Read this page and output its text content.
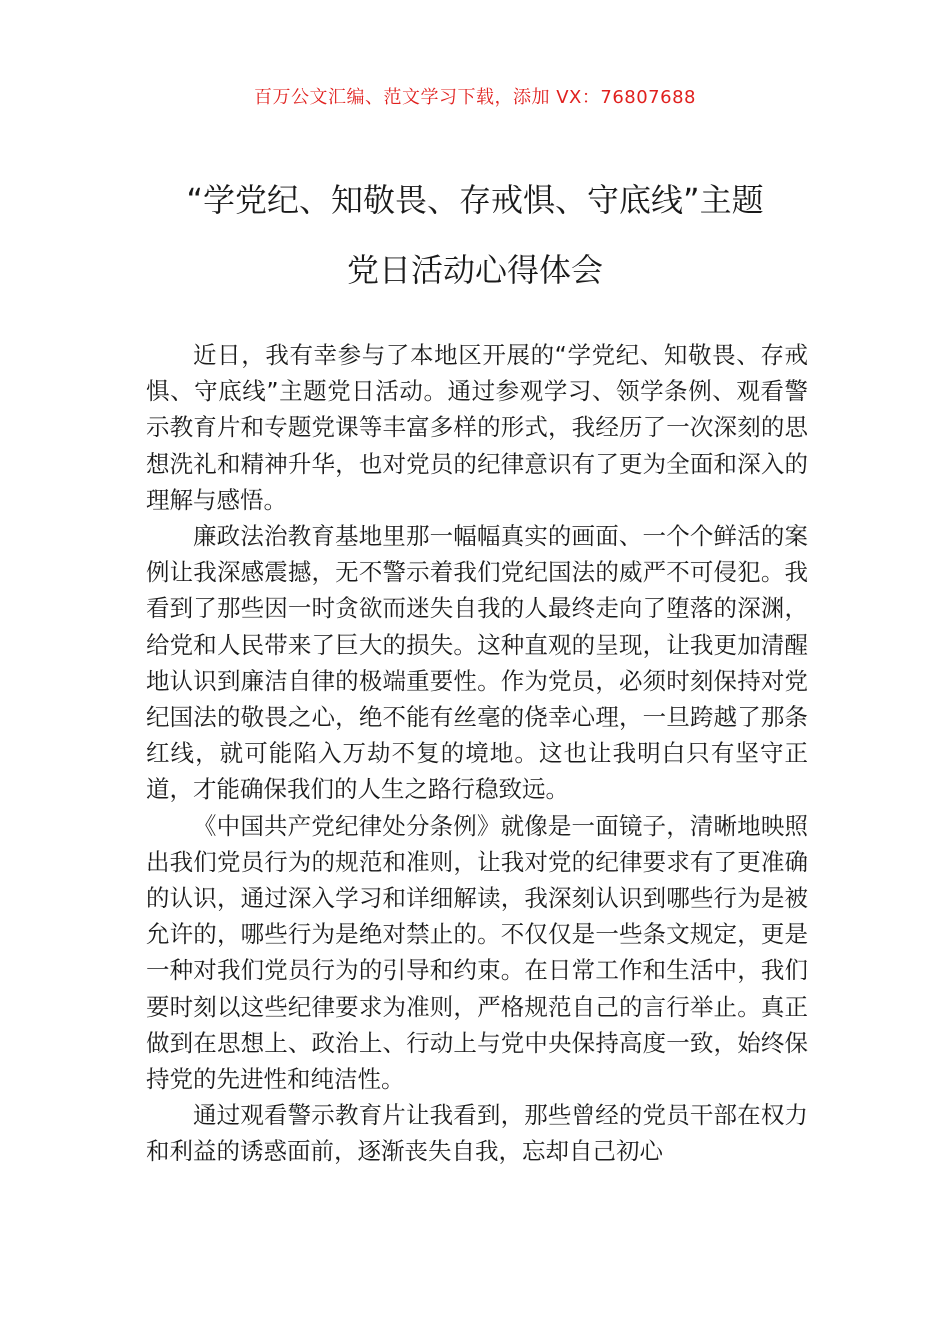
百万公文汇编、范文学习下载，添加 VX：76807688
“学党纪、知敬畏、存戒惧、守底线”主题
党日活动心得体会

近日，我有幸参与了本地区开展的“学党纪、知敬畏、存戒惧、守底线”主题党日活动。通过参观学习、领学条例、观看警示教育片和专题党课等丰富多样的形式，我经历了一次深刻的思想洗礼和精神升华，也对党员的纪律意识有了更为全面和深入的理解与感悟。

廉政法治教育基地里那一幅幅真实的画面、一个个鲜活的案例让我深感震撼，无不警示着我们党纪国法的威严不可侵犯。我看到了那些因一时贪欲而迷失自我的人最终走向了堕落的深渊，给党和人民带来了巨大的损失。这种直观的呈现，让我更加清醒地认识到廉洁自律的极端重要性。作为党员，必须时刻保持对党纪国法的敬畏之心，绝不能有丝毫的侥幸心理，一旦跨越了那条红线，就可能陷入万劫不复的境地。这也让我明白只有坚守正道，才能确保我们的人生之路行稳致远。

《中国共产党纪律处分条例》就像是一面镜子，清晰地映照出我们党员行为的规范和准则，让我对党的纪律要求有了更准确的认识，通过深入学习和详细解读，我深刻认识到哪些行为是被允许的，哪些行为是绝对禁止的。不仅仅是一些条文规定，更是一种对我们党员行为的引导和约束。在日常工作和生活中，我们要时刻以这些纪律要求为准则，严格规范自己的言行举止。真正做到在思想上、政治上、行动上与党中央保持高度一致，始终保持党的先进性和纯洁性。

通过观看警示教育片让我看到，那些曾经的党员干部在权力和利益的诱惑面前，逐渐丧失自我，忘却自己初心
